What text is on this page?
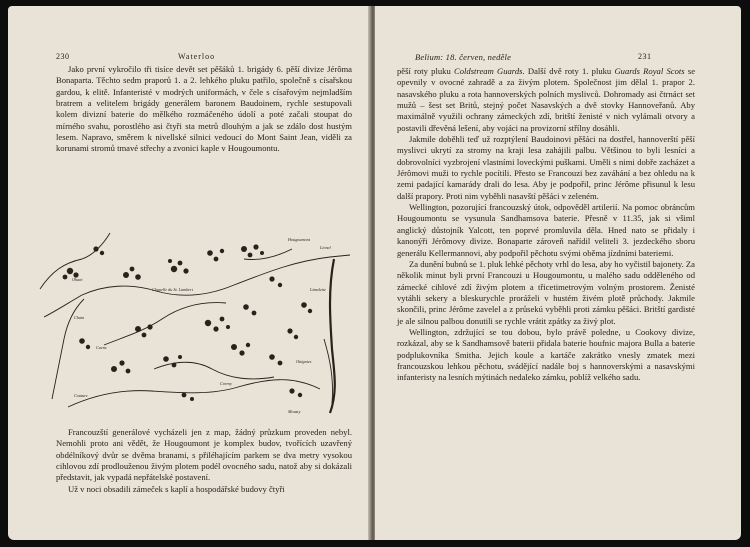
230	Waterloo

Jako první vykročilo tři tisíce devět set pěšáků 1. brigády 6. pěší divize Jérôma Bonaparta. Těchto sedm praporů 1. a 2. lehkého pluku patřilo, společně s císařskou gardou, k elitě. Infanteristé v modrých uniformách, v čele s císařovým nejmladším bratrem a velitelem brigády generálem baronem Baudoinem, rychle sestupovali kolem divizní baterie do mělkého rozmáčeného údolí a poté začali stoupat do mírného svahu, porostlého asi čtyři sta metrů dlouhým a jak se zdálo dost hustým lesem. Napravo, směrem k nivellské silnici vedoucí do Mont Saint Jean, viděli za korunami stromů tmavé střechy a zvonici kaple v Hougoumontu.

Hougoumont
Lionel
Limalette
Ohain
Chapelle du St. Lambert
Chain
Caens
Couture
Corroy
Ottignies
Mousty

Francouzští generálové vycházeli jen z map, žádný průzkum proveden nebyl. Nemohli proto ani vědět, že Hougoumont je komplex budov, tvořících uzavřený obdélníkový dvůr se dvěma branami, s přiléhajícím parkem se dva metry vysokou cihlovou zdí prodlouženou živým plotem podél ovocného sadu, natož aby si dokázali představit, jak vypadá nepřátelské postavení.

Už v noci obsadili zámeček s kaplí a hospodářské budovy čtyři

Belium: 18. červen, neděle	231

pěší roty pluku Coldstream Guards. Další dvě roty 1. pluku Guards Royal Scots se opevnily v ovocné zahradě a za živým plotem. Společnost jim dělal 1. prapor 2. nasavského pluku a rota hannoverských polních myslivců. Dohromady asi čtrnáct set mužů – šest set Britů, stejný počet Nasavských a dvě stovky Hannoveřanů. Aby maximálně využili ochrany zámeckých zdí, britští ženisté v nich vylámali otvory a postavili dřevěná lešení, aby vojáci na provizorní střílny dosáhli.

Jakmile doběhli teď už rozptýlení Baudoinovi pěšáci na dostřel, hannoverští pěší myslivci ukrytí za stromy na kraji lesa zahájili palbu. Většinou to byli lesníci a dobrovolníci vyzbrojení vlastními loveckými puškami. Uměli s nimi dobře zacházet a Jérômovi muži to rychle pocítili. Přesto se Francouzi bez zaváhání a bez ohledu na k zemi padající kamarády drali do lesa. Aby je podpořil, princ Jérôme přisunul k lesu další prapory. Proti nim vyběhli nasavští pěšáci v zeleném.

Wellington, pozorující francouzský útok, odpověděl artilerií. Na pomoc obráncům Hougoumontu se vysunula Sandhamsova baterie. Přesně v 11.35, jak si všiml anglický důstojník Yalcott, ten poprvé promluvila děla. Hned nato se přidaly i kanonýři Jérômovy divize. Bonaparte zároveň nařídil veliteli 3. jezdeckého sboru generálu Kellermannovi, aby podpořil pěchotu svými oběma jízdními bateriemi.

Za dunění bubnů se 1. pluk lehké pěchoty vrhl do lesa, aby ho vyčistil bajonety. Za několik minut byli první Francouzi u Hougoumontu, u malého sadu odděleného od zámecké cihlové zdí živým plotem a třicetimetrovým volným prostorem. Ženisté vytáhli sekery a bleskurychle proráželi v hustém živém plotě průchody. Jakmile skončili, princ Jérôme zavelel a z průsekú vyběhli proti zámku pěšáci. Britští gardisté je ale silnou palbou donutili se rychle vrátit zpátky za živý plot.

Wellington, zdržující se tou dobou, bylo právě poledne, u Cookovy divize, rozkázal, aby se k Sandhamsově baterii přidala baterie houfnic majora Bulla a baterie podplukovníka Smitha. Jejich koule a kartáče zakrátko vnesly zmatek mezi francouzskou lehkou pěchotu, svádějící nadále boj s hannoverskými a nasavskými infanteristy na lesních mýtinách nedaleko zámku, poblíž velkého sadu.
